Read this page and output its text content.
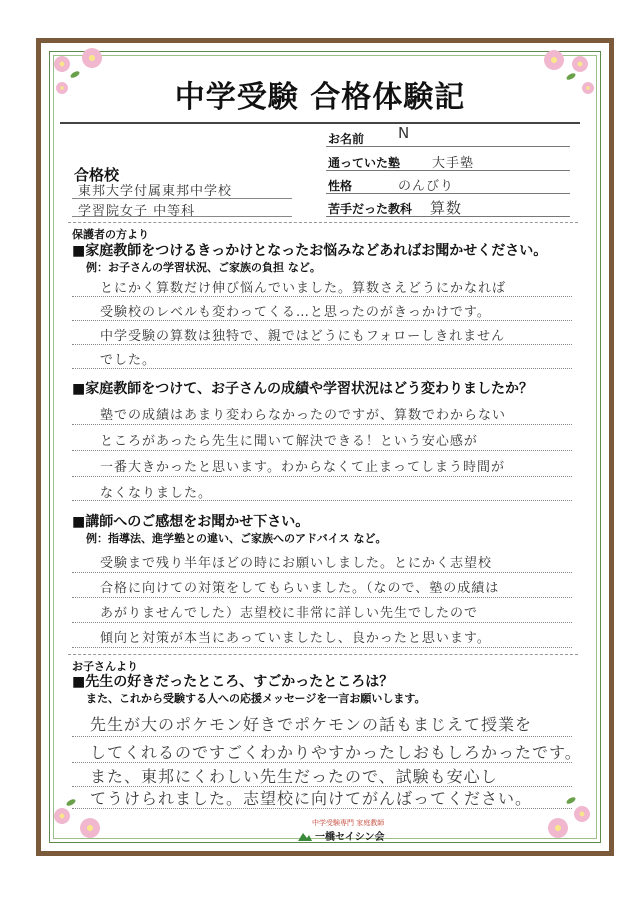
中学受験 合格体験記
お名前 N
通っていた塾 大手塾
性格	のんびり
苦手だった教科 算数
合格校
東邦大学付属東邦中学校
学習院女子 中等科
保護者の方より
■家庭教師をつけるきっかけとなったお悩みなどあればお聞かせください。
例：お子さんの学習状況、ご家族の負担 など。
とにかく算数だけ伸び悩んでいました。算数さえどうにかなれば
受験校のレベルも変わってくる…と思ったのがきっかけです。
中学受験の算数は独特で、親ではどうにもフォローしきれません
でした。
■家庭教師をつけて、お子さんの成績や学習状況はどう変わりましたか？
塾での成績はあまり変わらなかったのですが、算数でわからない
ところがあったら先生に聞いて解決できる！という安心感が
一番大きかったと思います。わからなくて止まってしまう時間が
なくなりました。
■講師へのご感想をお聞かせ下さい。
例：指導法、進学塾との違い、ご家族へのアドバイス など。
受験まで残り半年ほどの時にお願いしました。とにかく志望校
合格に向けての対策をしてもらいました。（なので、塾の成績は
あがりませんでした）志望校に非常に詳しい先生でしたので
傾向と対策が本当にあっていましたし、良かったと思います。
お子さんより
■先生の好きだったところ、すごかったところは？
また、これから受験する人への応援メッセージを一言お願いします。
先生が大のポケモン好きでポケモンの話もまじえて授業を
してくれるのですごくわかりやすかったしおもしろかったです。
また、東邦にくわしい先生だったので、試験も安心し
てうけられました。志望校に向けてがんばってください。
中学受験専門 家庭教師
一橋セイシン会
